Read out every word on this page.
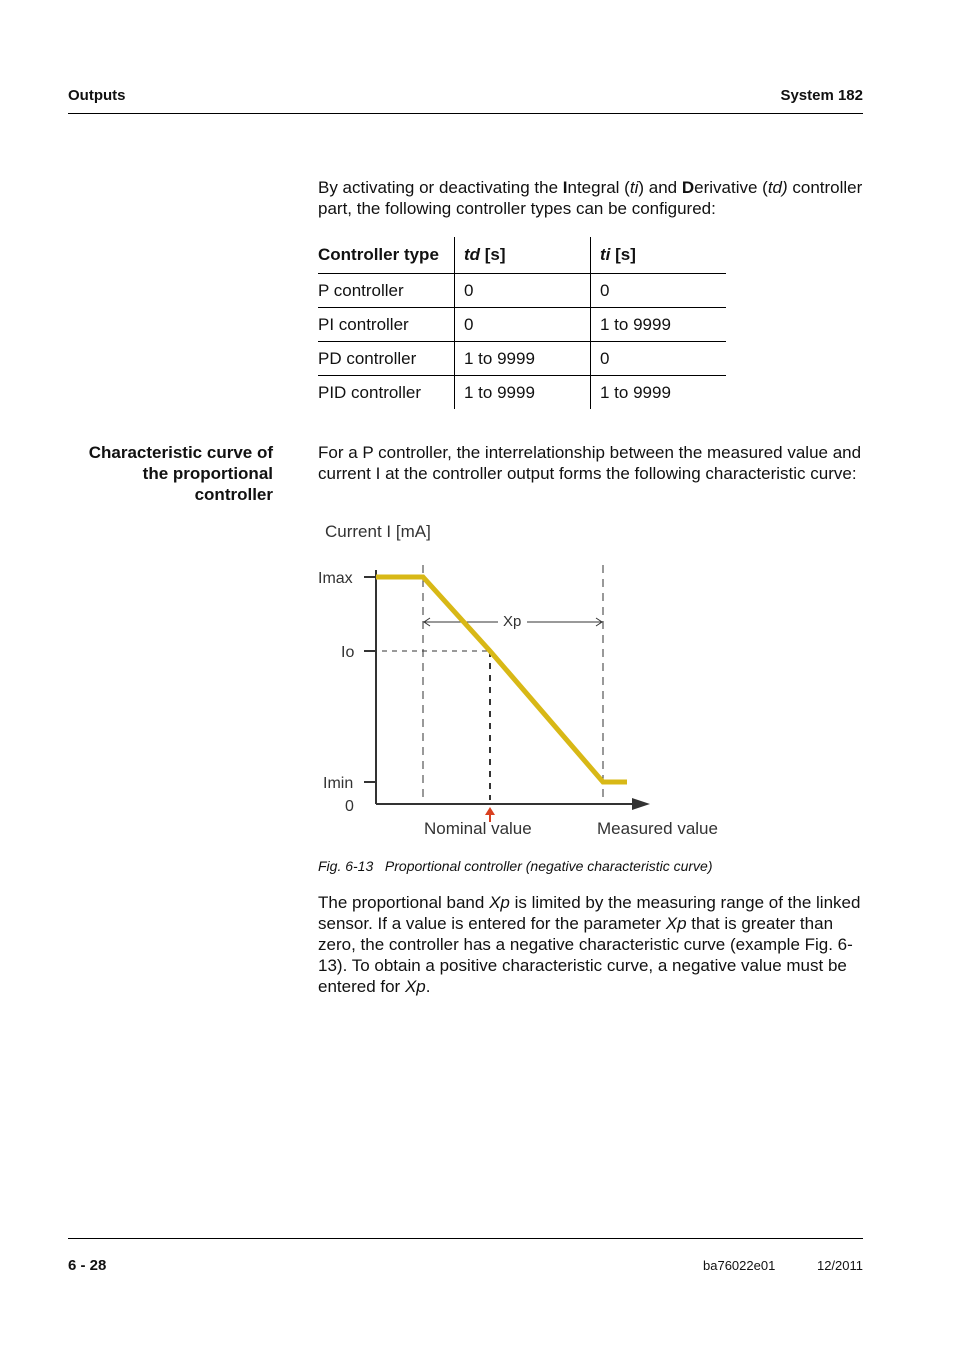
Outputs	System 182
By activating or deactivating the Integral (ti) and Derivative (td) controller part, the following controller types can be configured:
Controller type	td [s]	ti [s]
P controller	0	0
PI controller	0	1 to 9999
PD controller	1 to 9999	0
PID controller	1 to 9999	1 to 9999
Characteristic curve of
the proportional
controller
For a P controller, the interrelationship between the measured value and current I at the controller output forms the following characteristic curve:
Current I [mA]
Imax
Io
Imin
0
Xp
Nominal value	Measured value
Fig. 6-13 Proportional controller (negative characteristic curve)
The proportional band Xp is limited by the measuring range of the linked sensor. If a value is entered for the parameter Xp that is greater than zero, the controller has a negative characteristic curve (example Fig. 6-13). To obtain a positive characteristic curve, a negative value must be entered for Xp.
6 - 28	ba76022e01	12/2011
